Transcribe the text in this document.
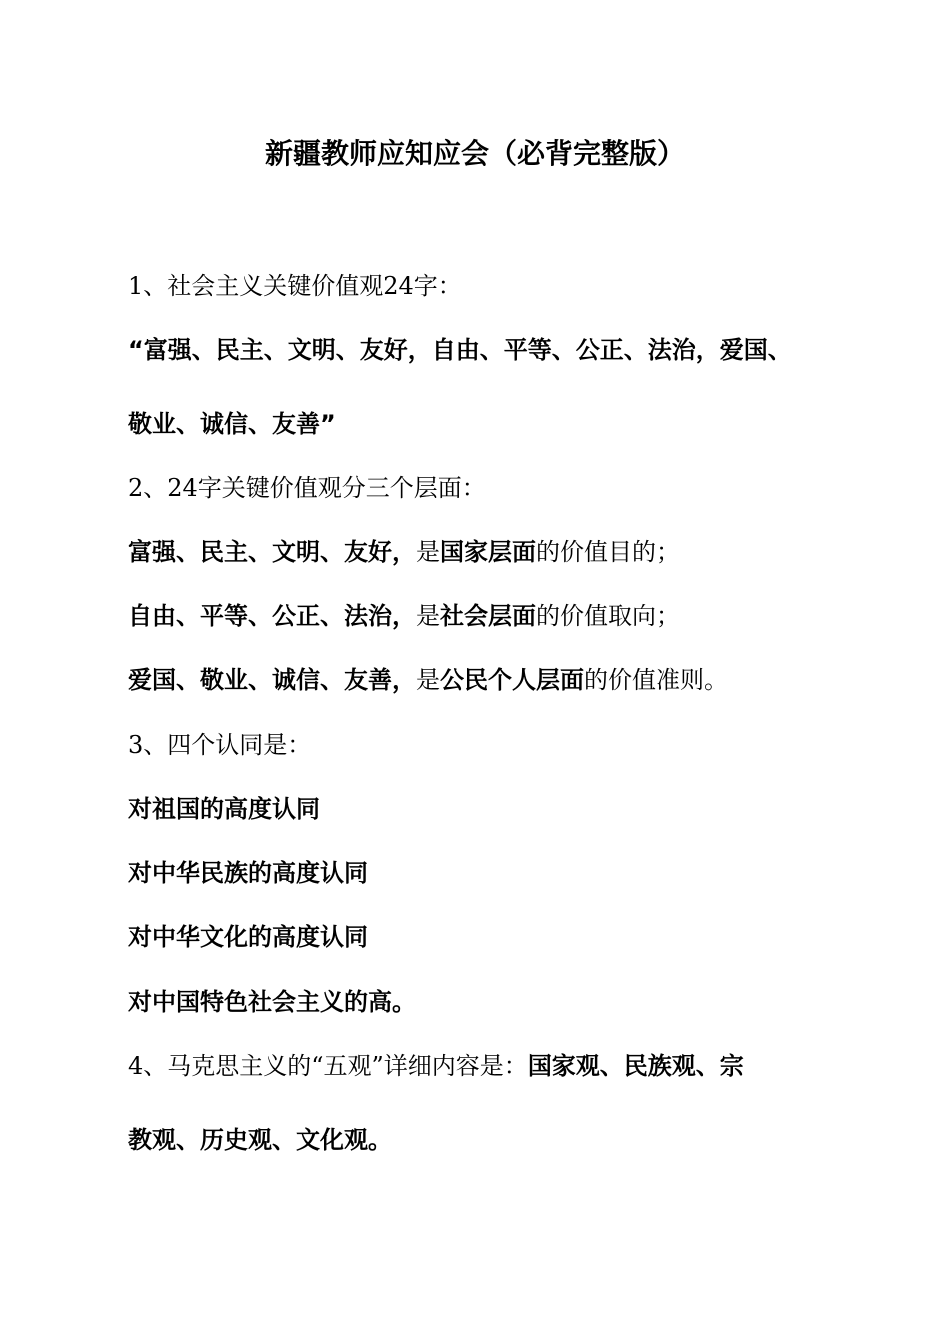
新疆教师应知应会（必背完整版）
1、社会主义关键价值观24字：
“富强、民主、文明、友好，自由、平等、公正、法治，爱国、
敬业、诚信、友善”
2、24字关键价值观分三个层面：
富强、民主、文明、友好，是国家层面的价值目的；
自由、平等、公正、法治，是社会层面的价值取向；
爱国、敬业、诚信、友善，是公民个人层面的价值准则。
3、四个认同是：
对祖国的高度认同
对中华民族的高度认同
对中华文化的高度认同
对中国特色社会主义的高。
4、马克思主义的“五观”详细内容是：国家观、民族观、宗
教观、历史观、文化观。
